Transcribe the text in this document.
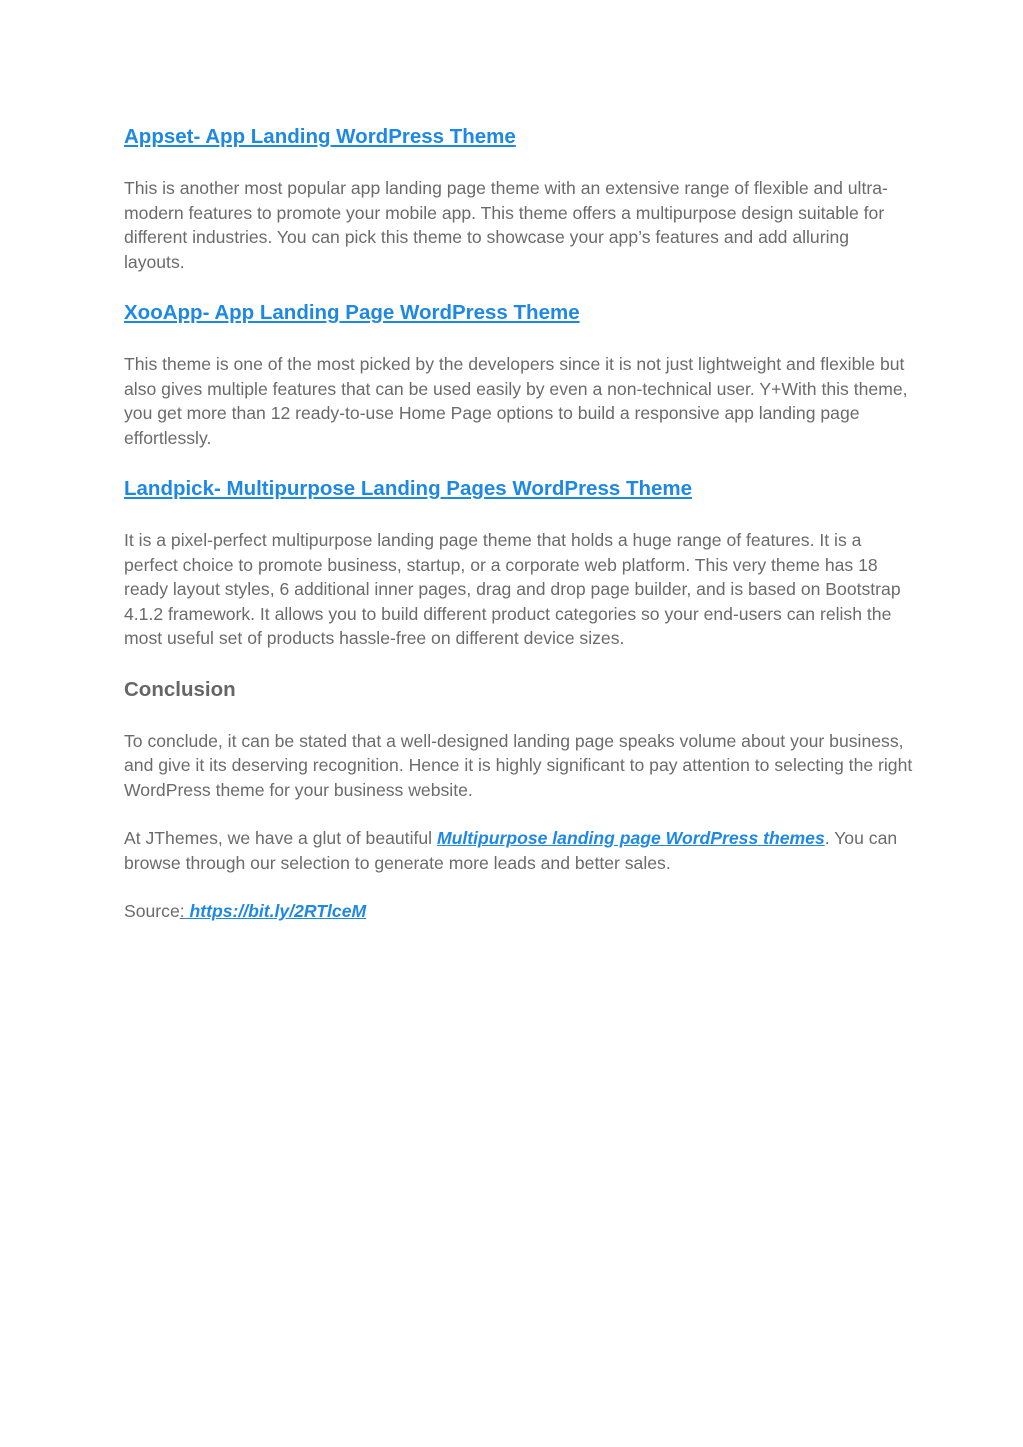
Appset- App Landing WordPress Theme

This is another most popular app landing page theme with an extensive range of flexible and ultra-modern features to promote your mobile app. This theme offers a multipurpose design suitable for different industries. You can pick this theme to showcase your app’s features and add alluring layouts.

XooApp- App Landing Page WordPress Theme

This theme is one of the most picked by the developers since it is not just lightweight and flexible but also gives multiple features that can be used easily by even a non-technical user. Y+With this theme, you get more than 12 ready-to-use Home Page options to build a responsive app landing page effortlessly.

Landpick- Multipurpose Landing Pages WordPress Theme

It is a pixel-perfect multipurpose landing page theme that holds a huge range of features. It is a perfect choice to promote business, startup, or a corporate web platform. This very theme has 18 ready layout styles, 6 additional inner pages, drag and drop page builder, and is based on Bootstrap 4.1.2 framework. It allows you to build different product categories so your end-users can relish the most useful set of products hassle-free on different device sizes.

Conclusion

To conclude, it can be stated that a well-designed landing page speaks volume about your business, and give it its deserving recognition. Hence it is highly significant to pay attention to selecting the right WordPress theme for your business website.

At JThemes, we have a glut of beautiful Multipurpose landing page WordPress themes. You can browse through our selection to generate more leads and better sales.

Source: https://bit.ly/2RTlceM
